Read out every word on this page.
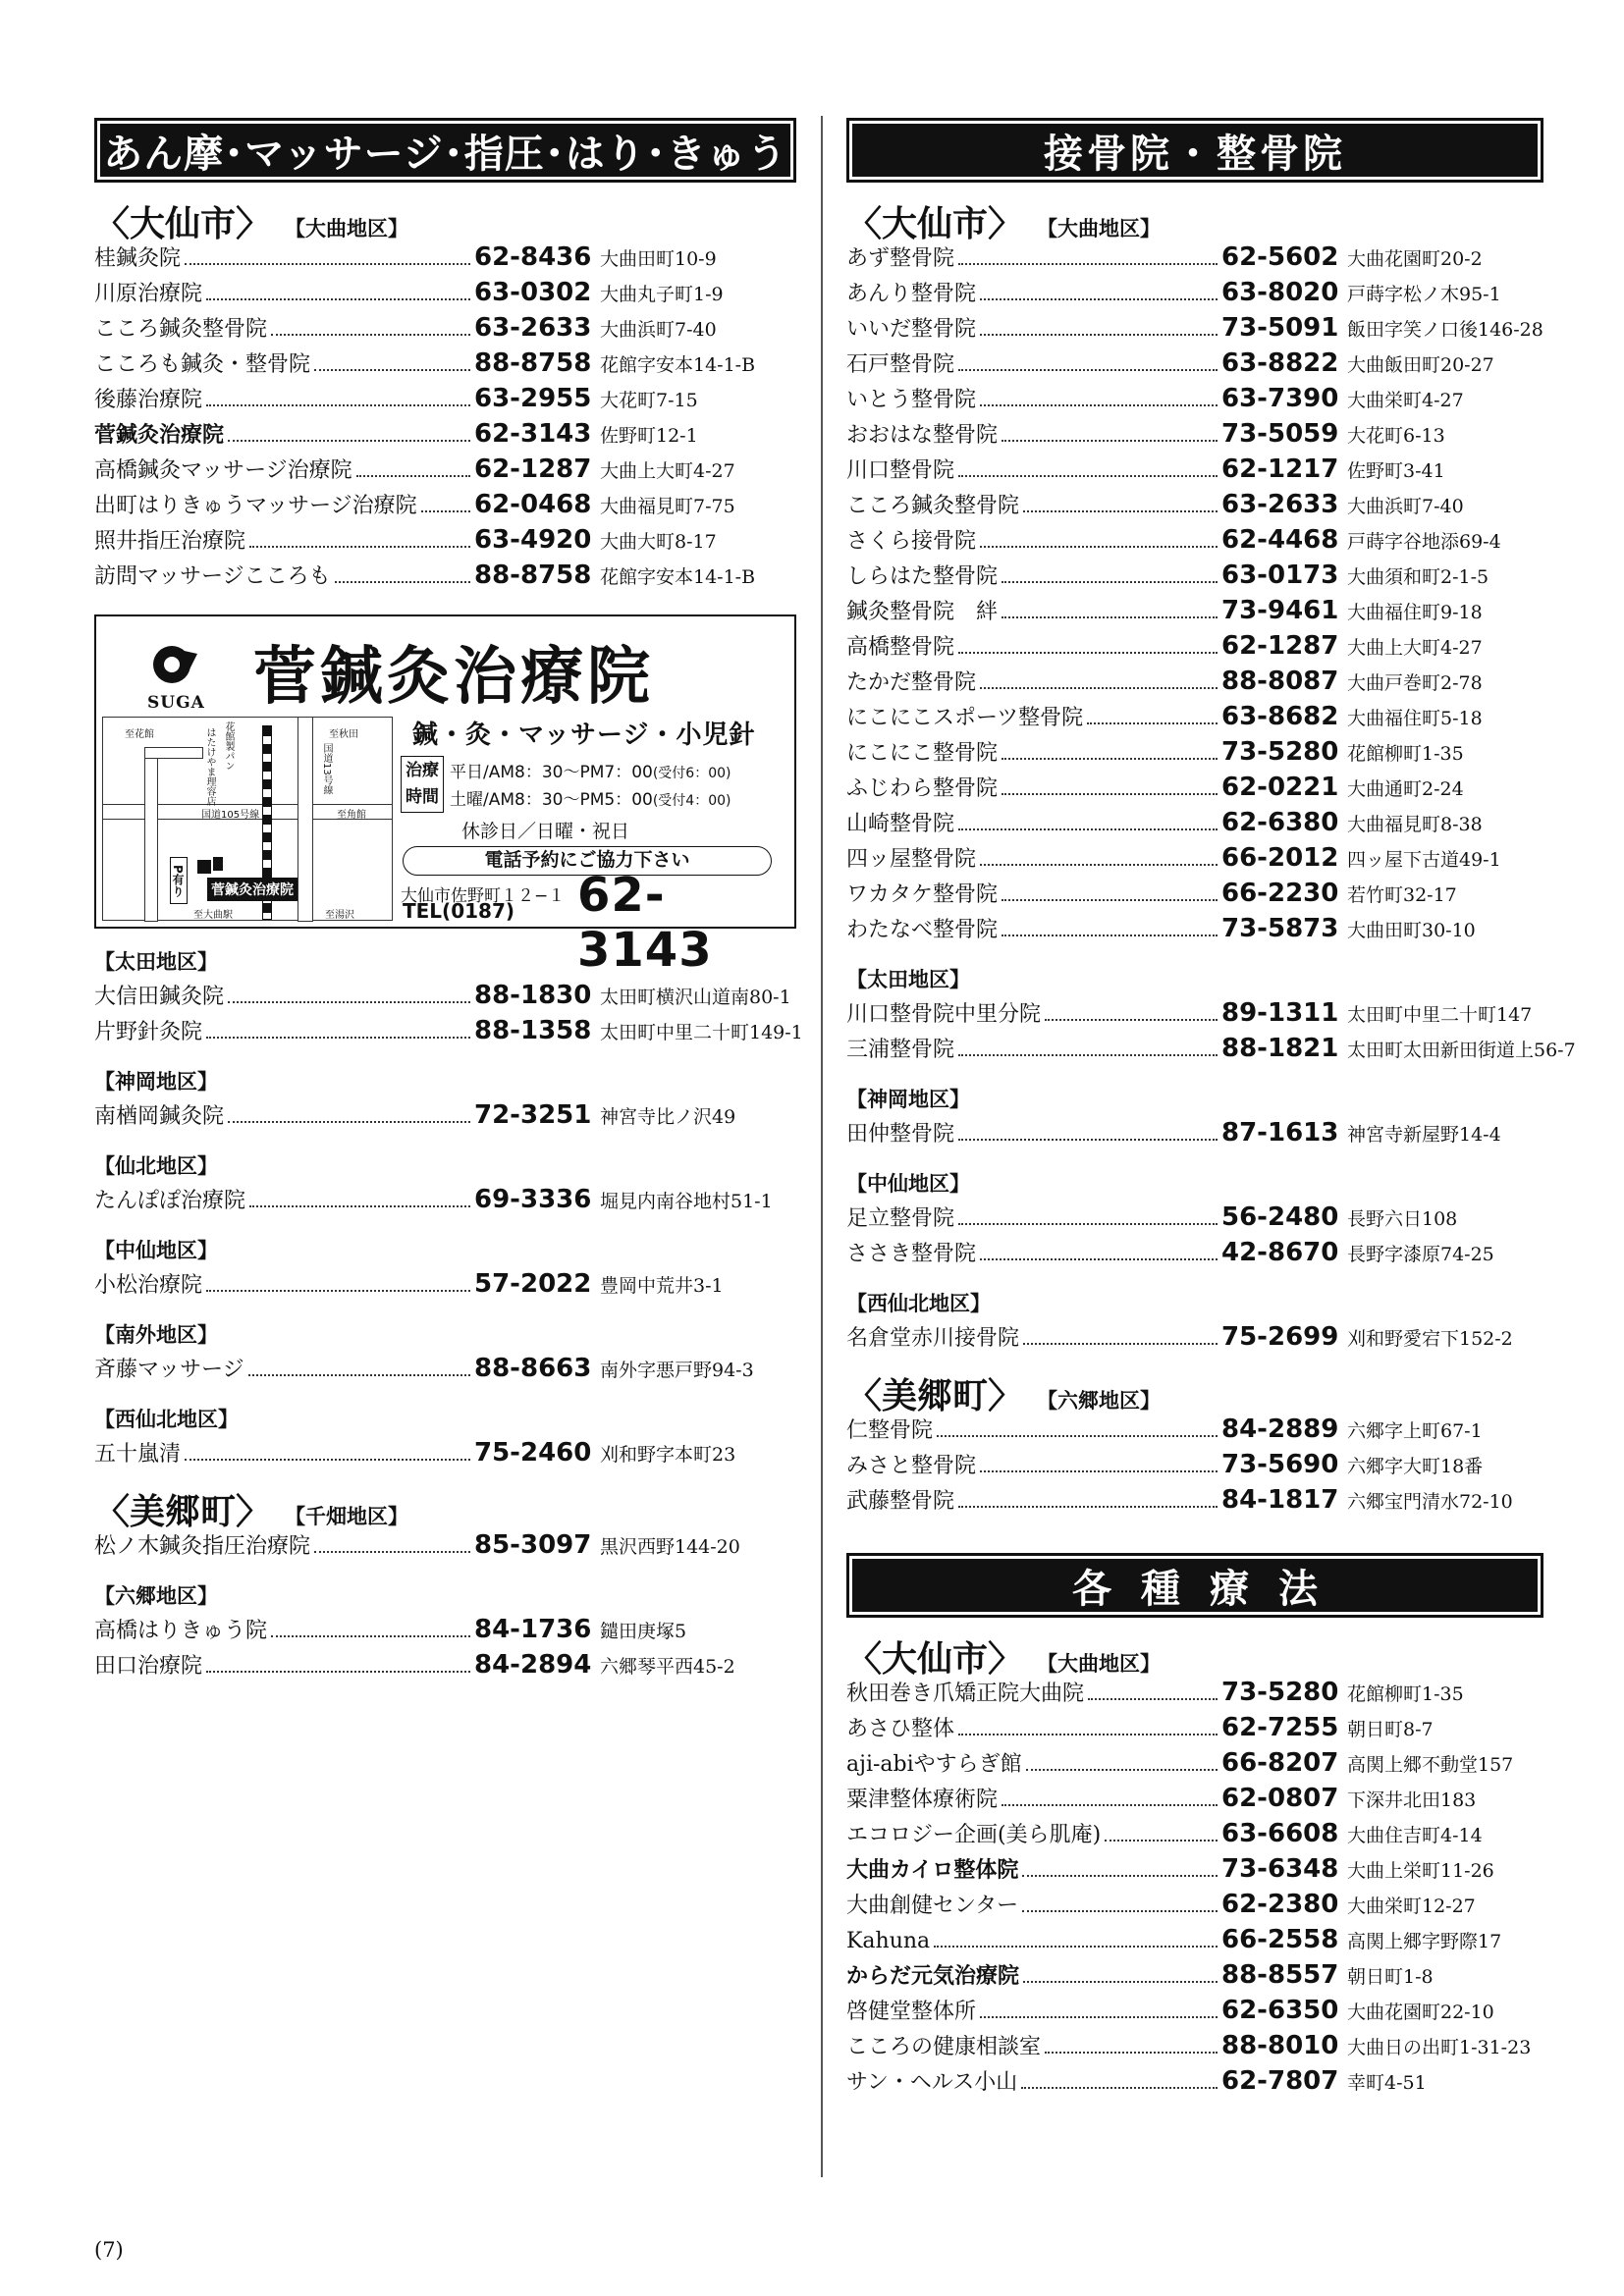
あん摩･マッサージ･指圧･はり･きゅう
〈大仙市〉 【大曲地区】
桂鍼灸院	62-8436 大曲田町10-9
川原治療院	63-0302 大曲丸子町1-9
こころ鍼灸整骨院	63-2633 大曲浜町7-40
こころも鍼灸・整骨院	88-8758 花館字安本14-1-B
後藤治療院	63-2955 大花町7-15
菅鍼灸治療院	62-3143 佐野町12-1
高橋鍼灸マッサージ治療院	62-1287 大曲上大町4-27
出町はりきゅうマッサージ治療院 62-0468 大曲福見町7-75
照井指圧治療院	63-4920 大曲大町8-17
訪問マッサージこころも	88-8758 花館字安本14-1-B
SUGA 菅鍼灸治療院
鍼・灸・マッサージ・小児針
至花館	至秋田
国道13号線
花館製パン
はたけやま理容店
国道105号線	至角館
至大曲駅	至湯沢
P有り 菅鍼灸治療院
治療時間
平日/AM8：30〜PM7：00(受付6：00)
土曜/AM8：30〜PM5：00(受付4：00)
休診日／日曜・祝日
電話予約にご協力下さい
大仙市佐野町１２−１
TEL(0187) 62-3143
【太田地区】
大信田鍼灸院	88-1830 太田町横沢山道南80-1
片野針灸院	88-1358 太田町中里二十町149-1
【神岡地区】
南楢岡鍼灸院	72-3251 神宮寺比ノ沢49
【仙北地区】
たんぽぽ治療院	69-3336 堀見内南谷地村51-1
【中仙地区】
小松治療院	57-2022 豊岡中荒井3-1
【南外地区】
斉藤マッサージ	88-8663 南外字悪戸野94-3
【西仙北地区】
五十嵐清	75-2460 刈和野字本町23
〈美郷町〉 【千畑地区】
松ノ木鍼灸指圧治療院	85-3097 黒沢西野144-20
【六郷地区】
高橋はりきゅう院	84-1736 鑓田庚塚5
田口治療院	84-2894 六郷琴平西45-2
接骨院・整骨院
〈大仙市〉 【大曲地区】
あず整骨院	62-5602 大曲花園町20-2
あんり整骨院	63-8020 戸蒔字松ノ木95-1
いいだ整骨院	73-5091 飯田字笑ノ口後146-28
石戸整骨院	63-8822 大曲飯田町20-27
いとう整骨院	63-7390 大曲栄町4-27
おおはな整骨院	73-5059 大花町6-13
川口整骨院	62-1217 佐野町3-41
こころ鍼灸整骨院	63-2633 大曲浜町7-40
さくら接骨院	62-4468 戸蒔字谷地添69-4
しらはた整骨院	63-0173 大曲須和町2-1-5
鍼灸整骨院　絆	73-9461 大曲福住町9-18
高橋整骨院	62-1287 大曲上大町4-27
たかだ整骨院	88-8087 大曲戸巻町2-78
にこにこスポーツ整骨院	63-8682 大曲福住町5-18
にこにこ整骨院	73-5280 花館柳町1-35
ふじわら整骨院	62-0221 大曲通町2-24
山崎整骨院	62-6380 大曲福見町8-38
四ッ屋整骨院	66-2012 四ッ屋下古道49-1
ワカタケ整骨院	66-2230 若竹町32-17
わたなべ整骨院	73-5873 大曲田町30-10
【太田地区】
川口整骨院中里分院	89-1311 太田町中里二十町147
三浦整骨院	88-1821 太田町太田新田街道上56-7
【神岡地区】
田仲整骨院	87-1613 神宮寺新屋野14-4
【中仙地区】
足立整骨院	56-2480 長野六日108
ささき整骨院	42-8670 長野字漆原74-25
【西仙北地区】
名倉堂赤川接骨院	75-2699 刈和野愛宕下152-2
〈美郷町〉 【六郷地区】
仁整骨院	84-2889 六郷字上町67-1
みさと整骨院	73-5690 六郷字大町18番
武藤整骨院	84-1817 六郷宝門清水72-10
各種療法
〈大仙市〉 【大曲地区】
秋田巻き爪矯正院大曲院	73-5280 花館柳町1-35
あさひ整体	62-7255 朝日町8-7
aji-abiやすらぎ館	66-8207 高関上郷不動堂157
粟津整体療術院	62-0807 下深井北田183
エコロジー企画(美ら肌庵)	63-6608 大曲住吉町4-14
大曲カイロ整体院	73-6348 大曲上栄町11-26
大曲創健センター	62-2380 大曲栄町12-27
Kahuna	66-2558 高関上郷字野際17
からだ元気治療院	88-8557 朝日町1-8
啓健堂整体所	62-6350 大曲花園町22-10
こころの健康相談室	88-8010 大曲日の出町1-31-23
サン・ヘルス小山	62-7807 幸町4-51
(7)
